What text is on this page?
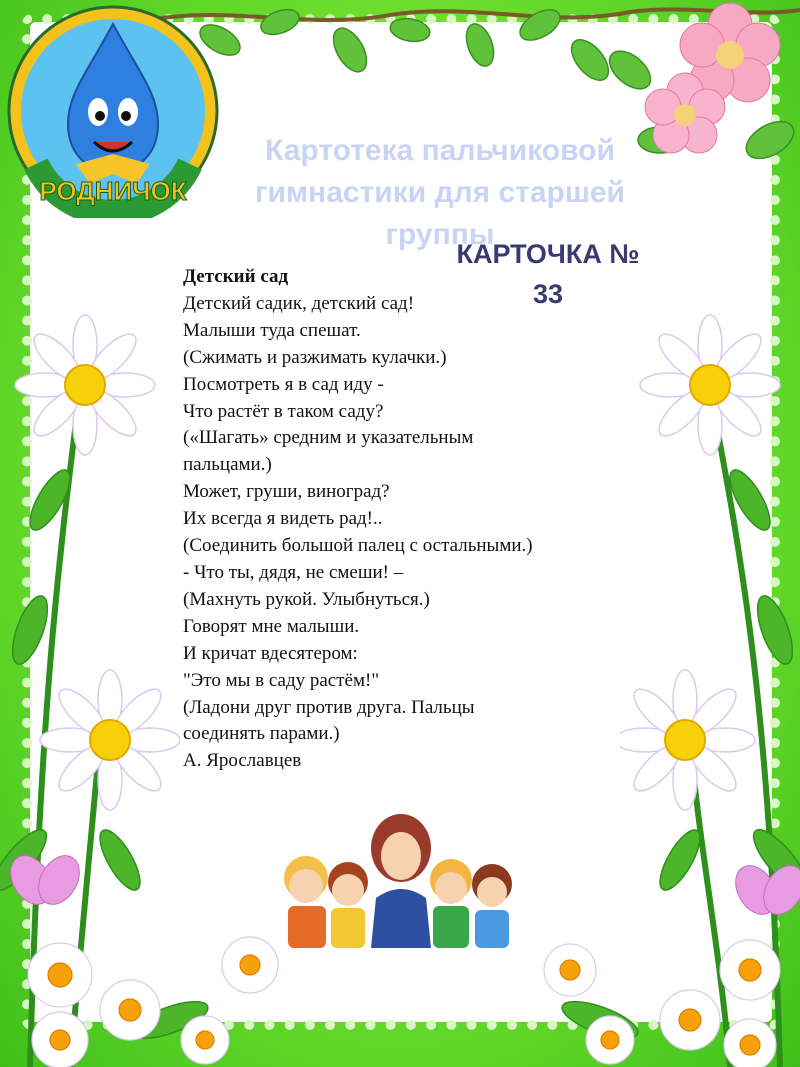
РОДНИЧОК
Картотека пальчиковой гимнастики для старшей группы
КАРТОЧКА №
33
Детский сад
Детский садик, детский сад!
Малыши туда спешат.
(Сжимать и разжимать кулачки.)
Посмотреть я в сад иду -
Что растёт в таком саду?
(«Шагать» средним и указательным
пальцами.)
Может, груши, виноград?
Их всегда я видеть рад!..
(Соединить большой палец с остальными.)
- Что ты, дядя, не смеши! –
(Махнуть рукой. Улыбнуться.)
Говорят мне малыши.
И кричат вдесятером:
"Это мы в саду растём!"
(Ладони друг против друга. Пальцы
соединять парами.)
А. Ярославцев
